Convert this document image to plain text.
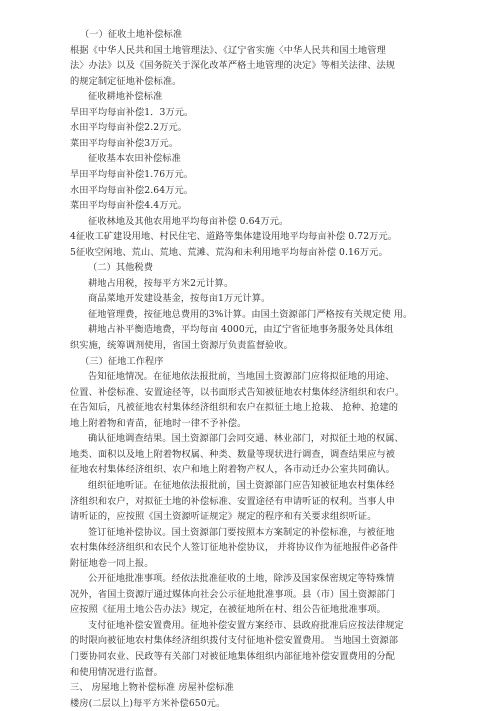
（一）征收土地补偿标准
根据《中华人民共和国土地管理法》、《辽宁省实施〈中华人民共和国土地管理
法〉办法》以及《国务院关于深化改革严格土地管理的决定》等相关法律、法规
的规定制定征地补偿标准。
征收耕地补偿标准
旱田平均每亩补偿1．3万元。
水田平均每亩补偿2.2万元。
菜田平均每亩补偿3万元。
征收基本农田补偿标准
旱田平均每亩补偿1.76万元。
水田平均每亩补偿2.64万元。
菜田平均每亩补偿4.4万元。
征收林地及其他农用地平均每亩补偿 0.64万元。
4征收工矿建设用地、村民住宅、道路等集体建设用地平均每亩补偿 0.72万元。
5征收空闲地、荒山、荒地、荒滩、荒沟和未利用地平均每亩补偿 0.16万元。
（二）其他税费
耕地占用税，按每平方米2元计算。
商品菜地开发建设基金，按每亩1万元计算。
征地管理费，按征地总费用的3%计算。由国土资源部门严格按有关规定使 用。
耕地占补平衡造地费，平均每亩 4000元，由辽宁省征地事务服务处具体组
织实施，统筹调剂使用，省国土资源厅负责监督验收。
（三）征地工作程序
告知征地情况。在征地依法报批前，当地国土资源部门应将拟征地的用途、
位置、补偿标准、安置途径等，以书面形式告知被征地农村集体经济组织和农户。
在告知后，凡被征地农村集体经济组织和农户在拟征土地上抢栽、 抢种、抢建的
地上附着物和青苗，征地时一律不予补偿。
确认征地调查结果。国土资源部门会同交通、林业部门，对拟征土地的权属、
地类、面积以及地上附着物权属、种类、数量等现状进行调查，调查结果应与被
征地农村集体经济组织、农户和地上附着物产权人，各市动迁办公室共同确认。
组织征地听证。在征地依法报批前，国土资源部门应告知被征地农村集体经
济组织和农户，对拟征土地的补偿标准、安置途径有申请听证的权利。当事人申
请听证的，应按照《国土资源听证规定》规定的程序和有关要求组织听证。
签订征地补偿协议。国土资源部门要按照本方案制定的补偿标准，与被征地
农村集体经济组织和农民个人签订征地补偿协议， 并将协议作为征地报件必备件
附征地卷一同上报。
公开征地批准事项。经依法批准征收的土地，除涉及国家保密规定等特殊情
况外，省国土资源厅通过媒体向社会公示征地批准事项。县（市）国土资源部门
应按照《征用土地公告办法》规定，在被征地所在村、组公告征地批准事项。
支付征地补偿安置费用。征地补偿安置方案经市、县政府批准后应按法律规定
的时限向被征地农村集体经济组织拨付支付征地补偿安置费用。 当地国土资源部
门要协同农业、民政等有关部门对被征地集体组织内部征地补偿安置费用的分配
和使用情况进行监督。
三、 房屋地上物补偿标准 房屋补偿标准
楼房(二层以上)每平方米补偿650元。
